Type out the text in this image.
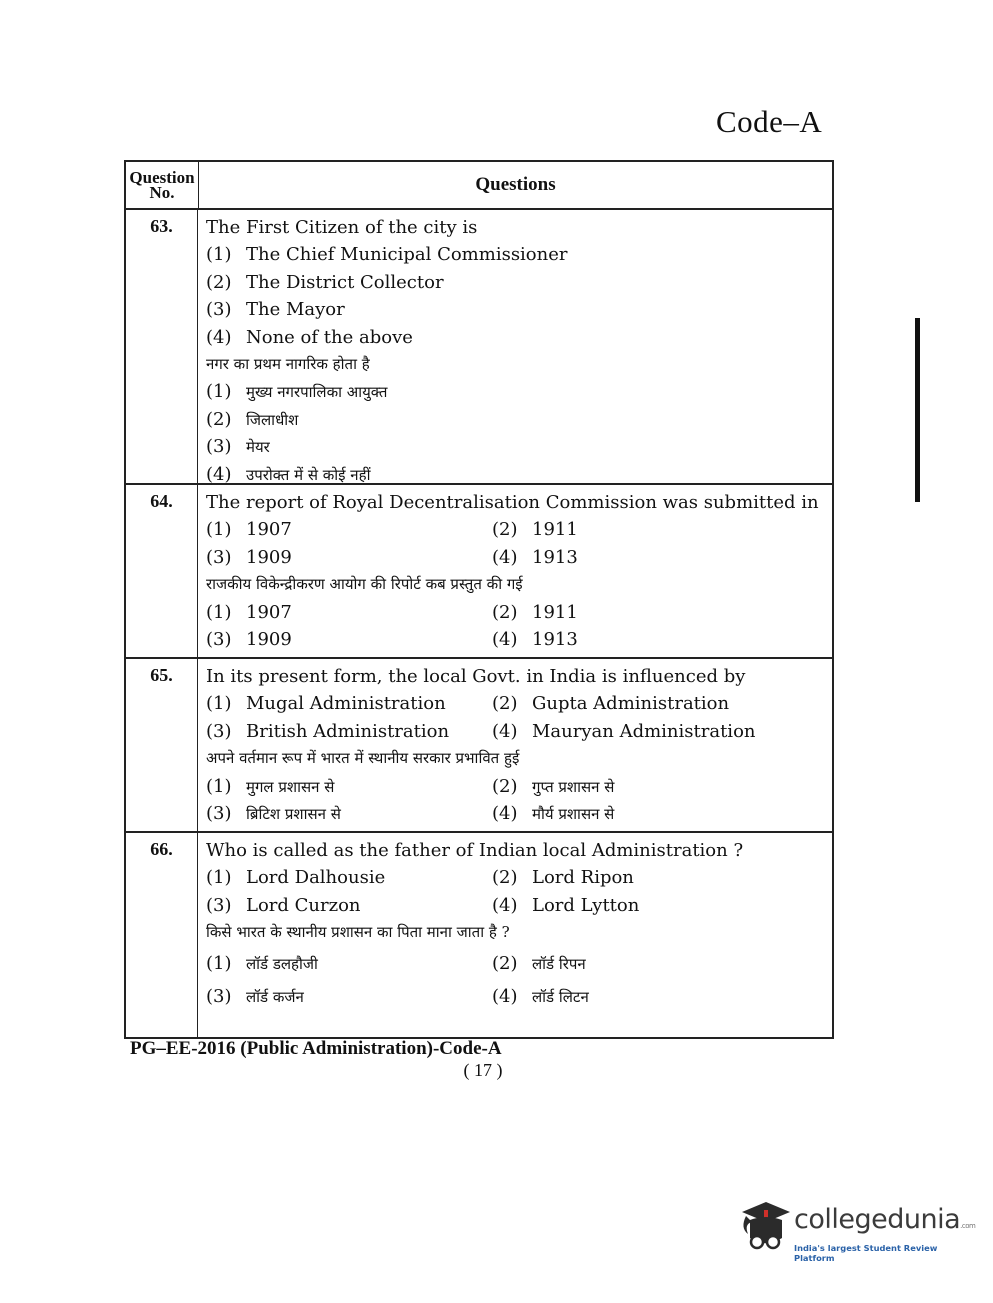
Code–A
Question
No.	Questions
63.	The First Citizen of the city is
(1) The Chief Municipal Commissioner
(2) The District Collector
(3) The Mayor
(4) None of the above
नगर का प्रथम नागरिक होता है
(1) मुख्य नगरपालिका आयुक्त
(2) जिलाधीश
(3) मेयर
(4) उपरोक्त में से कोई नहीं
64.	The report of Royal Decentralisation Commission was submitted in
(1) 1907	(2) 1911
(3) 1909	(4) 1913
राजकीय विकेन्द्रीकरण आयोग की रिपोर्ट कब प्रस्तुत की गई
(1) 1907	(2) 1911
(3) 1909	(4) 1913
65.	In its present form, the local Govt. in India is influenced by
(1) Mugal Administration	(2) Gupta Administration
(3) British Administration	(4) Mauryan Administration
अपने वर्तमान रूप में भारत में स्थानीय सरकार प्रभावित हुई
(1) मुगल प्रशासन से	(2) गुप्त प्रशासन से
(3) ब्रिटिश प्रशासन से	(4) मौर्य प्रशासन से
66.	Who is called as the father of Indian local Administration ?
(1) Lord Dalhousie	(2) Lord Ripon
(3) Lord Curzon	(4) Lord Lytton
किसे भारत के स्थानीय प्रशासन का पिता माना जाता है ?
(1) लॉर्ड डलहौजी	(2) लॉर्ड रिपन
(3) लॉर्ड कर्जन	(4) लॉर्ड लिटन
PG–EE-2016 (Public Administration)-Code-A
( 17 )
collegedunia.com
India's largest Student Review Platform
